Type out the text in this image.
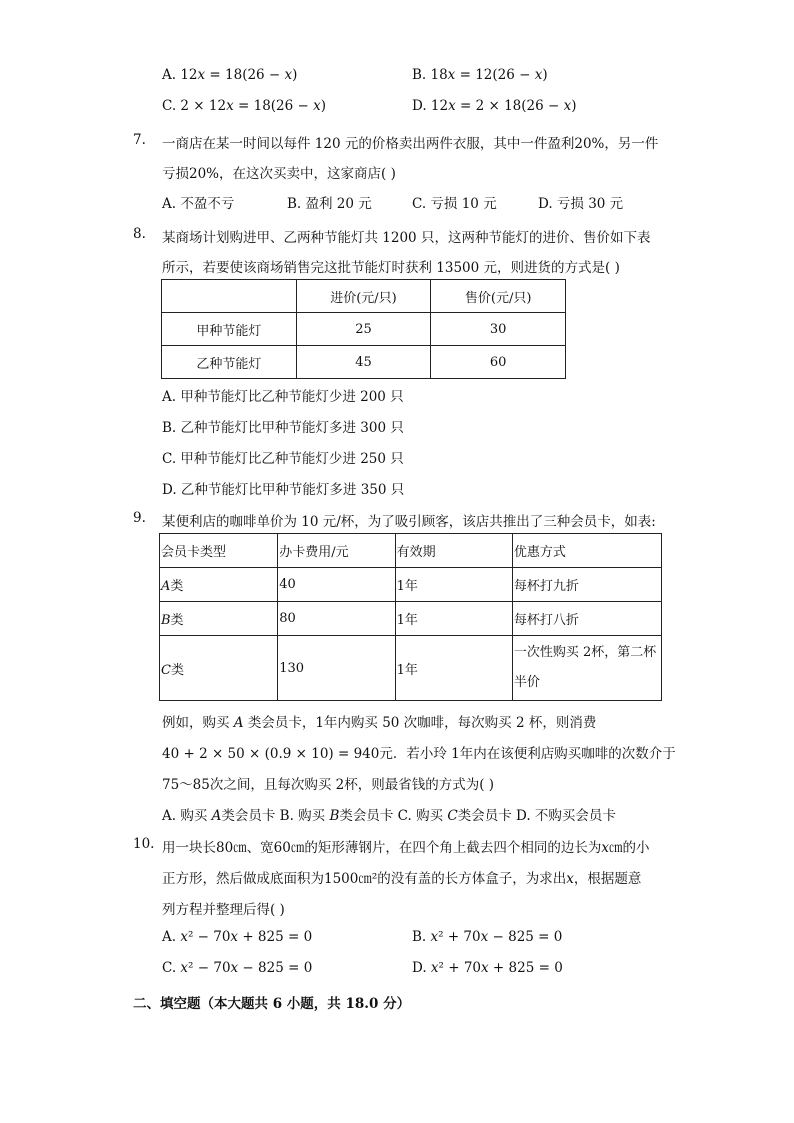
A. 12𝑥 = 18(26 − 𝑥)	B. 18𝑥 = 12(26 − 𝑥)
C. 2 × 12𝑥 = 18(26 − 𝑥)	D. 12𝑥 = 2 × 18(26 − 𝑥)
7. 一商店在某一时间以每件 120 元的价格卖出两件衣服，其中一件盈利20%，另一件
亏损20%，在这次买卖中，这家商店( )
A. 不盈不亏	B. 盈利 20 元	C. 亏损 10 元	D. 亏损 30 元
8. 某商场计划购进甲、乙两种节能灯共 1200 只，这两种节能灯的进价、售价如下表
所示，若要使该商场销售完这批节能灯时获利 13500 元，则进货的方式是( )
	进价(元/只)	售价(元/只)
甲种节能灯	25	30
乙种节能灯	45	60
A. 甲种节能灯比乙种节能灯少进 200 只
B. 乙种节能灯比甲种节能灯多进 300 只
C. 甲种节能灯比乙种节能灯少进 250 只
D. 乙种节能灯比甲种节能灯多进 350 只
9. 某便利店的咖啡单价为 10 元/杯，为了吸引顾客，该店共推出了三种会员卡，如表:
会员卡类型	办卡费用/元	有效期	优惠方式
𝐴类	40	1年	每杯打九折
𝐵类	80	1年	每杯打八折
𝐶类	130	1年	一次性购买 2杯，第二杯
半价
例如，购买 𝐴 类会员卡，1年内购买 50 次咖啡，每次购买 2 杯，则消费
40 + 2 × 50 × (0.9 × 10) = 940元．若小玲 1年内在该便利店购买咖啡的次数介于
75～85次之间，且每次购买 2杯，则最省钱的方式为( )
A. 购买 𝐴类会员卡 B. 购买 𝐵类会员卡 C. 购买 𝐶类会员卡 D. 不购买会员卡
10. 用一块长80㎝、宽60㎝的矩形薄钢片，在四个角上截去四个相同的边长为𝑥㎝的小
正方形，然后做成底面积为1500㎝²的没有盖的长方体盒子，为求出𝑥，根据题意
列方程并整理后得( )
A. 𝑥² − 70𝑥 + 825 = 0	B. 𝑥² + 70𝑥 − 825 = 0
C. 𝑥² − 70𝑥 − 825 = 0	D. 𝑥² + 70𝑥 + 825 = 0
二、填空题（本大题共 6 小题，共 18.0 分）
